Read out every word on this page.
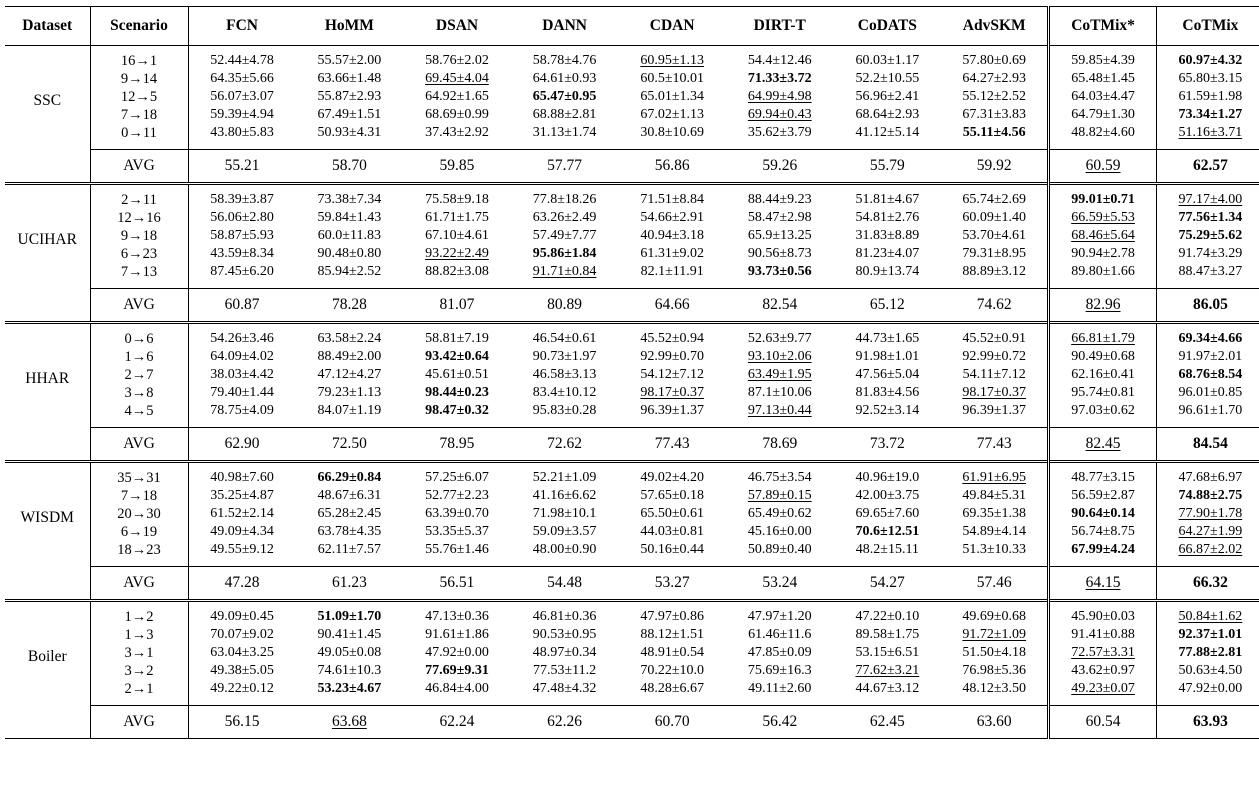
Dataset	Scenario	FCN	HoMM	DSAN	DANN	CDAN	DIRT-T	CoDATS	AdvSKM	CoTMix*	CoTMix
SSC	16→1	52.44±4.78	55.57±2.00	58.76±2.02	58.78±4.76	60.95±1.13	54.4±12.46	60.03±1.17	57.80±0.69	59.85±4.39	60.97±4.32
	9→14	64.35±5.66	63.66±1.48	69.45±4.04	64.61±0.93	60.5±10.01	71.33±3.72	52.2±10.55	64.27±2.93	65.48±1.45	65.80±3.15
	12→5	56.07±3.07	55.87±2.93	64.92±1.65	65.47±0.95	65.01±1.34	64.99±4.98	56.96±2.41	55.12±2.52	64.03±4.47	61.59±1.98
	7→18	59.39±4.94	67.49±1.51	68.69±0.99	68.88±2.81	67.02±1.13	69.94±0.43	68.64±2.93	67.31±3.83	64.79±1.30	73.34±1.27
	0→11	43.80±5.83	50.93±4.31	37.43±2.92	31.13±1.74	30.8±10.69	35.62±3.79	41.12±5.14	55.11±4.56	48.82±4.60	51.16±3.71
	AVG	55.21	58.70	59.85	57.77	56.86	59.26	55.79	59.92	60.59	62.57
UCIHAR	2→11	58.39±3.87	73.38±7.34	75.58±9.18	77.8±18.26	71.51±8.84	88.44±9.23	51.81±4.67	65.74±2.69	99.01±0.71	97.17±4.00
	12→16	56.06±2.80	59.84±1.43	61.71±1.75	63.26±2.49	54.66±2.91	58.47±2.98	54.81±2.76	60.09±1.40	66.59±5.53	77.56±1.34
	9→18	58.87±5.93	60.0±11.83	67.10±4.61	57.49±7.77	40.94±3.18	65.9±13.25	31.83±8.89	53.70±4.61	68.46±5.64	75.29±5.62
	6→23	43.59±8.34	90.48±0.80	93.22±2.49	95.86±1.84	61.31±9.02	90.56±8.73	81.23±4.07	79.31±8.95	90.94±2.78	91.74±3.29
	7→13	87.45±6.20	85.94±2.52	88.82±3.08	91.71±0.84	82.1±11.91	93.73±0.56	80.9±13.74	88.89±3.12	89.80±1.66	88.47±3.27
	AVG	60.87	78.28	81.07	80.89	64.66	82.54	65.12	74.62	82.96	86.05
HHAR	0→6	54.26±3.46	63.58±2.24	58.81±7.19	46.54±0.61	45.52±0.94	52.63±9.77	44.73±1.65	45.52±0.91	66.81±1.79	69.34±4.66
	1→6	64.09±4.02	88.49±2.00	93.42±0.64	90.73±1.97	92.99±0.70	93.10±2.06	91.98±1.01	92.99±0.72	90.49±0.68	91.97±2.01
	2→7	38.03±4.42	47.12±4.27	45.61±0.51	46.58±3.13	54.12±7.12	63.49±1.95	47.56±5.04	54.11±7.12	62.16±0.41	68.76±8.54
	3→8	79.40±1.44	79.23±1.13	98.44±0.23	83.4±10.12	98.17±0.37	87.1±10.06	81.83±4.56	98.17±0.37	95.74±0.81	96.01±0.85
	4→5	78.75±4.09	84.07±1.19	98.47±0.32	95.83±0.28	96.39±1.37	97.13±0.44	92.52±3.14	96.39±1.37	97.03±0.62	96.61±1.70
	AVG	62.90	72.50	78.95	72.62	77.43	78.69	73.72	77.43	82.45	84.54
WISDM	35→31	40.98±7.60	66.29±0.84	57.25±6.07	52.21±1.09	49.02±4.20	46.75±3.54	40.96±19.0	61.91±6.95	48.77±3.15	47.68±6.97
	7→18	35.25±4.87	48.67±6.31	52.77±2.23	41.16±6.62	57.65±0.18	57.89±0.15	42.00±3.75	49.84±5.31	56.59±2.87	74.88±2.75
	20→30	61.52±2.14	65.28±2.45	63.39±0.70	71.98±10.1	65.50±0.61	65.49±0.62	69.65±7.60	69.35±1.38	90.64±0.14	77.90±1.78
	6→19	49.09±4.34	63.78±4.35	53.35±5.37	59.09±3.57	44.03±0.81	45.16±0.00	70.6±12.51	54.89±4.14	56.74±8.75	64.27±1.99
	18→23	49.55±9.12	62.11±7.57	55.76±1.46	48.00±0.90	50.16±0.44	50.89±0.40	48.2±15.11	51.3±10.33	67.99±4.24	66.87±2.02
	AVG	47.28	61.23	56.51	54.48	53.27	53.24	54.27	57.46	64.15	66.32
Boiler	1→2	49.09±0.45	51.09±1.70	47.13±0.36	46.81±0.36	47.97±0.86	47.97±1.20	47.22±0.10	49.69±0.68	45.90±0.03	50.84±1.62
	1→3	70.07±9.02	90.41±1.45	91.61±1.86	90.53±0.95	88.12±1.51	61.46±11.6	89.58±1.75	91.72±1.09	91.41±0.88	92.37±1.01
	3→1	63.04±3.25	49.05±0.08	47.92±0.00	48.97±0.34	48.91±0.54	47.85±0.09	53.15±6.51	51.50±4.18	72.57±3.31	77.88±2.81
	3→2	49.38±5.05	74.61±10.3	77.69±9.31	77.53±11.2	70.22±10.0	75.69±16.3	77.62±3.21	76.98±5.36	43.62±0.97	50.63±4.50
	2→1	49.22±0.12	53.23±4.67	46.84±4.00	47.48±4.32	48.28±6.67	49.11±2.60	44.67±3.12	48.12±3.50	49.23±0.07	47.92±0.00
	AVG	56.15	63.68	62.24	62.26	60.70	56.42	62.45	63.60	60.54	63.93
